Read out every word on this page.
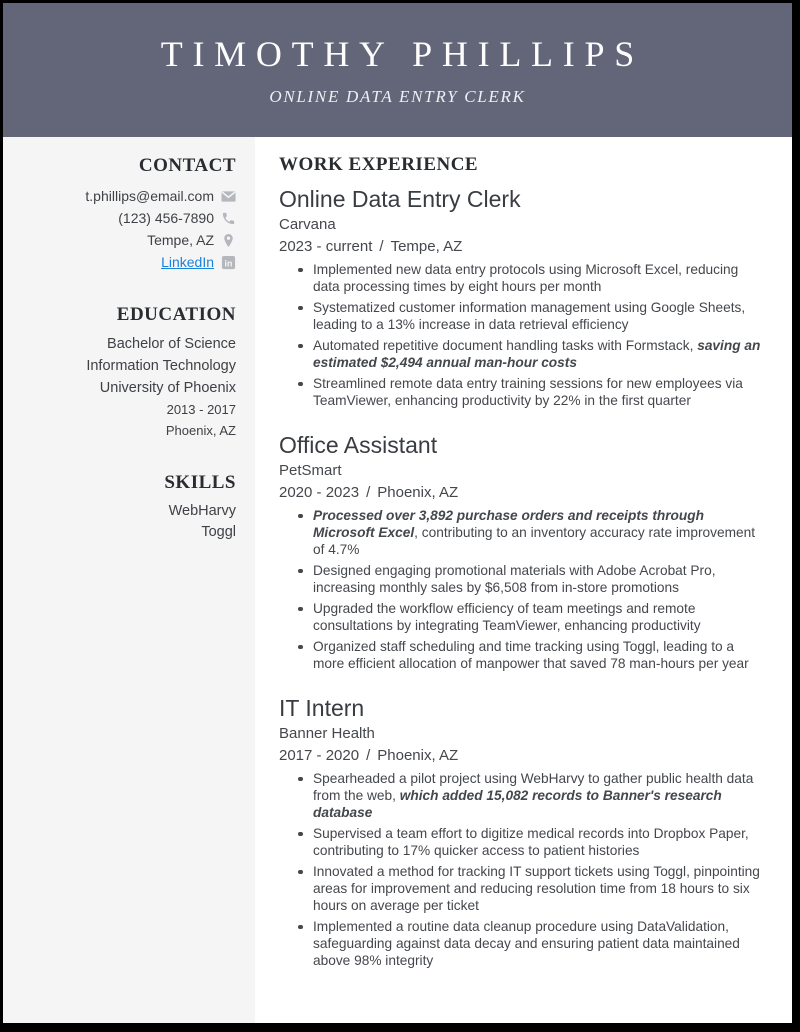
TIMOTHY PHILLIPS
ONLINE DATA ENTRY CLERK
CONTACT
t.phillips@email.com
(123) 456-7890
Tempe, AZ
LinkedIn in
EDUCATION
Bachelor of Science
Information Technology
University of Phoenix
2013 - 2017
Phoenix, AZ
SKILLS
WebHarvy
Toggl
WORK EXPERIENCE
Online Data Entry Clerk
Carvana
2023 - current / Tempe, AZ
Implemented new data entry protocols using Microsoft Excel, reducing data processing times by eight hours per month
Systematized customer information management using Google Sheets, leading to a 13% increase in data retrieval efficiency
Automated repetitive document handling tasks with Formstack, saving an estimated $2,494 annual man-hour costs
Streamlined remote data entry training sessions for new employees via TeamViewer, enhancing productivity by 22% in the first quarter
Office Assistant
PetSmart
2020 - 2023 / Phoenix, AZ
Processed over 3,892 purchase orders and receipts through Microsoft Excel, contributing to an inventory accuracy rate improvement of 4.7%
Designed engaging promotional materials with Adobe Acrobat Pro, increasing monthly sales by $6,508 from in-store promotions
Upgraded the workflow efficiency of team meetings and remote consultations by integrating TeamViewer, enhancing productivity
Organized staff scheduling and time tracking using Toggl, leading to a more efficient allocation of manpower that saved 78 man-hours per year
IT Intern
Banner Health
2017 - 2020 / Phoenix, AZ
Spearheaded a pilot project using WebHarvy to gather public health data from the web, which added 15,082 records to Banner's research database
Supervised a team effort to digitize medical records into Dropbox Paper, contributing to 17% quicker access to patient histories
Innovated a method for tracking IT support tickets using Toggl, pinpointing areas for improvement and reducing resolution time from 18 hours to six hours on average per ticket
Implemented a routine data cleanup procedure using DataValidation, safeguarding against data decay and ensuring patient data maintained above 98% integrity
